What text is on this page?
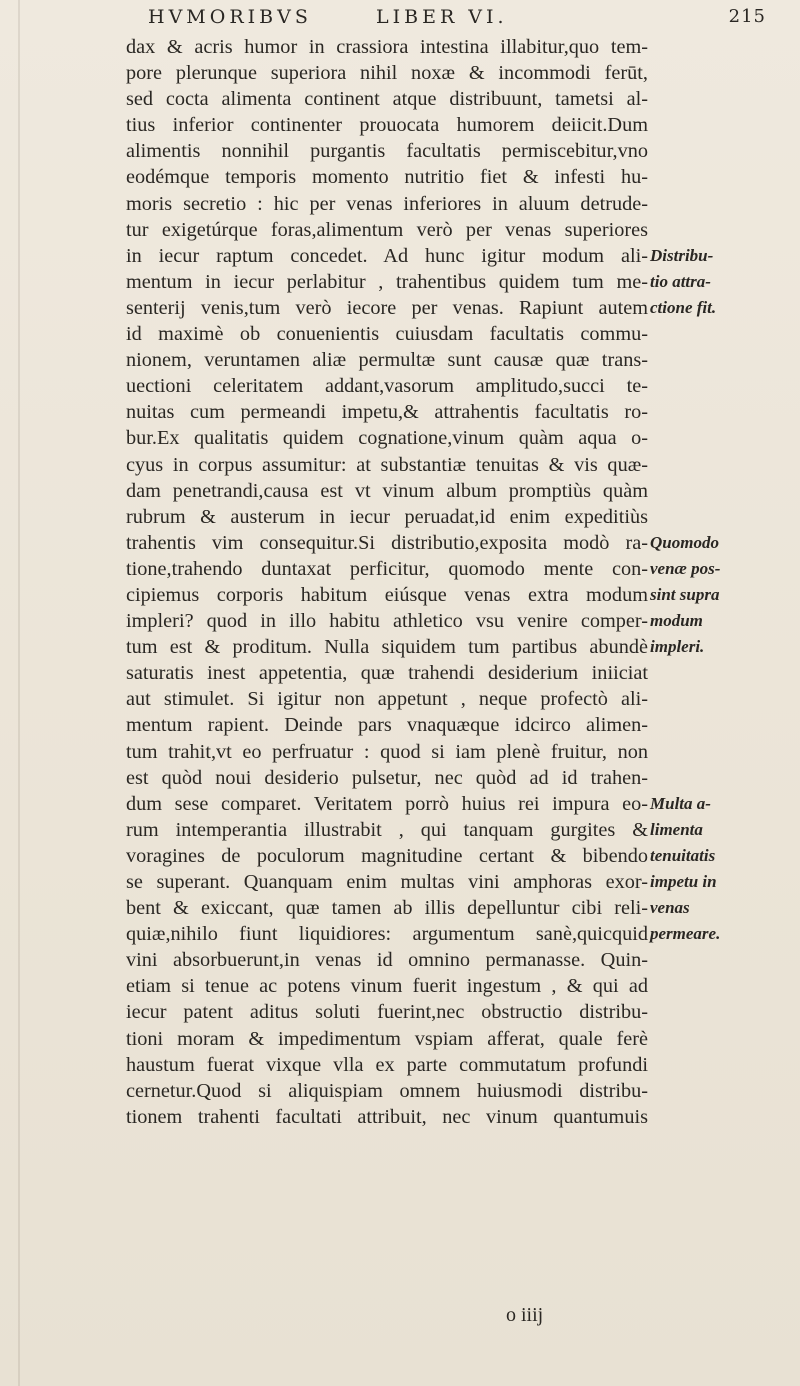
HVMORIBVS	LIBER VI.	215
dax & acris humor in crassiora intestina illabitur,quo tem-
pore plerunque superiora nihil noxæ & incommodi ferūt,
sed cocta alimenta continent atque distribuunt, tametsi al-
tius inferior continenter prouocata humorem deiicit.Dum
alimentis nonnihil purgantis facultatis permiscebitur,vno
eodémque temporis momento nutritio fiet & infesti hu-
moris secretio : hic per venas inferiores in aluum detrude-
tur exigetúrque foras,alimentum verò per venas superiores
in iecur raptum concedet. Ad hunc igitur modum ali-
mentum in iecur perlabitur , trahentibus quidem tum me-
senterij venis,tum verò iecore per venas. Rapiunt autem
id maximè ob conuenientis cuiusdam facultatis commu-
nionem, veruntamen aliæ permultæ sunt causæ quæ trans-
uectioni celeritatem addant,vasorum amplitudo,succi te-
nuitas cum permeandi impetu,& attrahentis facultatis ro-
bur.Ex qualitatis quidem cognatione,vinum quàm aqua o-
cyus in corpus assumitur: at substantiæ tenuitas & vis quæ-
dam penetrandi,causa est vt vinum album promptiùs quàm
rubrum & austerum in iecur peruadat,id enim expeditiùs
trahentis vim consequitur.Si distributio,exposita modò ra-
tione,trahendo duntaxat perficitur, quomodo mente con-
cipiemus corporis habitum eiúsque venas extra modum
impleri? quod in illo habitu athletico vsu venire comper-
tum est & proditum. Nulla siquidem tum partibus abundè
saturatis inest appetentia, quæ trahendi desiderium iniiciat
aut stimulet. Si igitur non appetunt , neque profectò ali-
mentum rapient. Deinde pars vnaquæque idcirco alimen-
tum trahit,vt eo perfruatur : quod si iam plenè fruitur, non
est quòd noui desiderio pulsetur, nec quòd ad id trahen-
dum sese comparet. Veritatem porrò huius rei impura eo-
rum intemperantia illustrabit , qui tanquam gurgites &
voragines de poculorum magnitudine certant & bibendo
se superant. Quanquam enim multas vini amphoras exor-
bent & exiccant, quæ tamen ab illis depelluntur cibi reli-
quiæ,nihilo fiunt liquidiores: argumentum sanè,quicquid
vini absorbuerunt,in venas id omnino permanasse. Quin-
etiam si tenue ac potens vinum fuerit ingestum , & qui ad
iecur patent aditus soluti fuerint,nec obstructio distribu-
tioni moram & impedimentum vspiam afferat, quale ferè
haustum fuerat vixque vlla ex parte commutatum profundi
cernetur.Quod si aliquispiam omnem huiusmodi distribu-
tionem trahenti facultati attribuit, nec vinum quantumuis
Distribu-
tio attra-
ctione fit.
Quomodo
venæ pos-
sint supra
modum
impleri.
Multa a-
limenta
tenuitatis
impetu in
venas
permeare.
o iiij
